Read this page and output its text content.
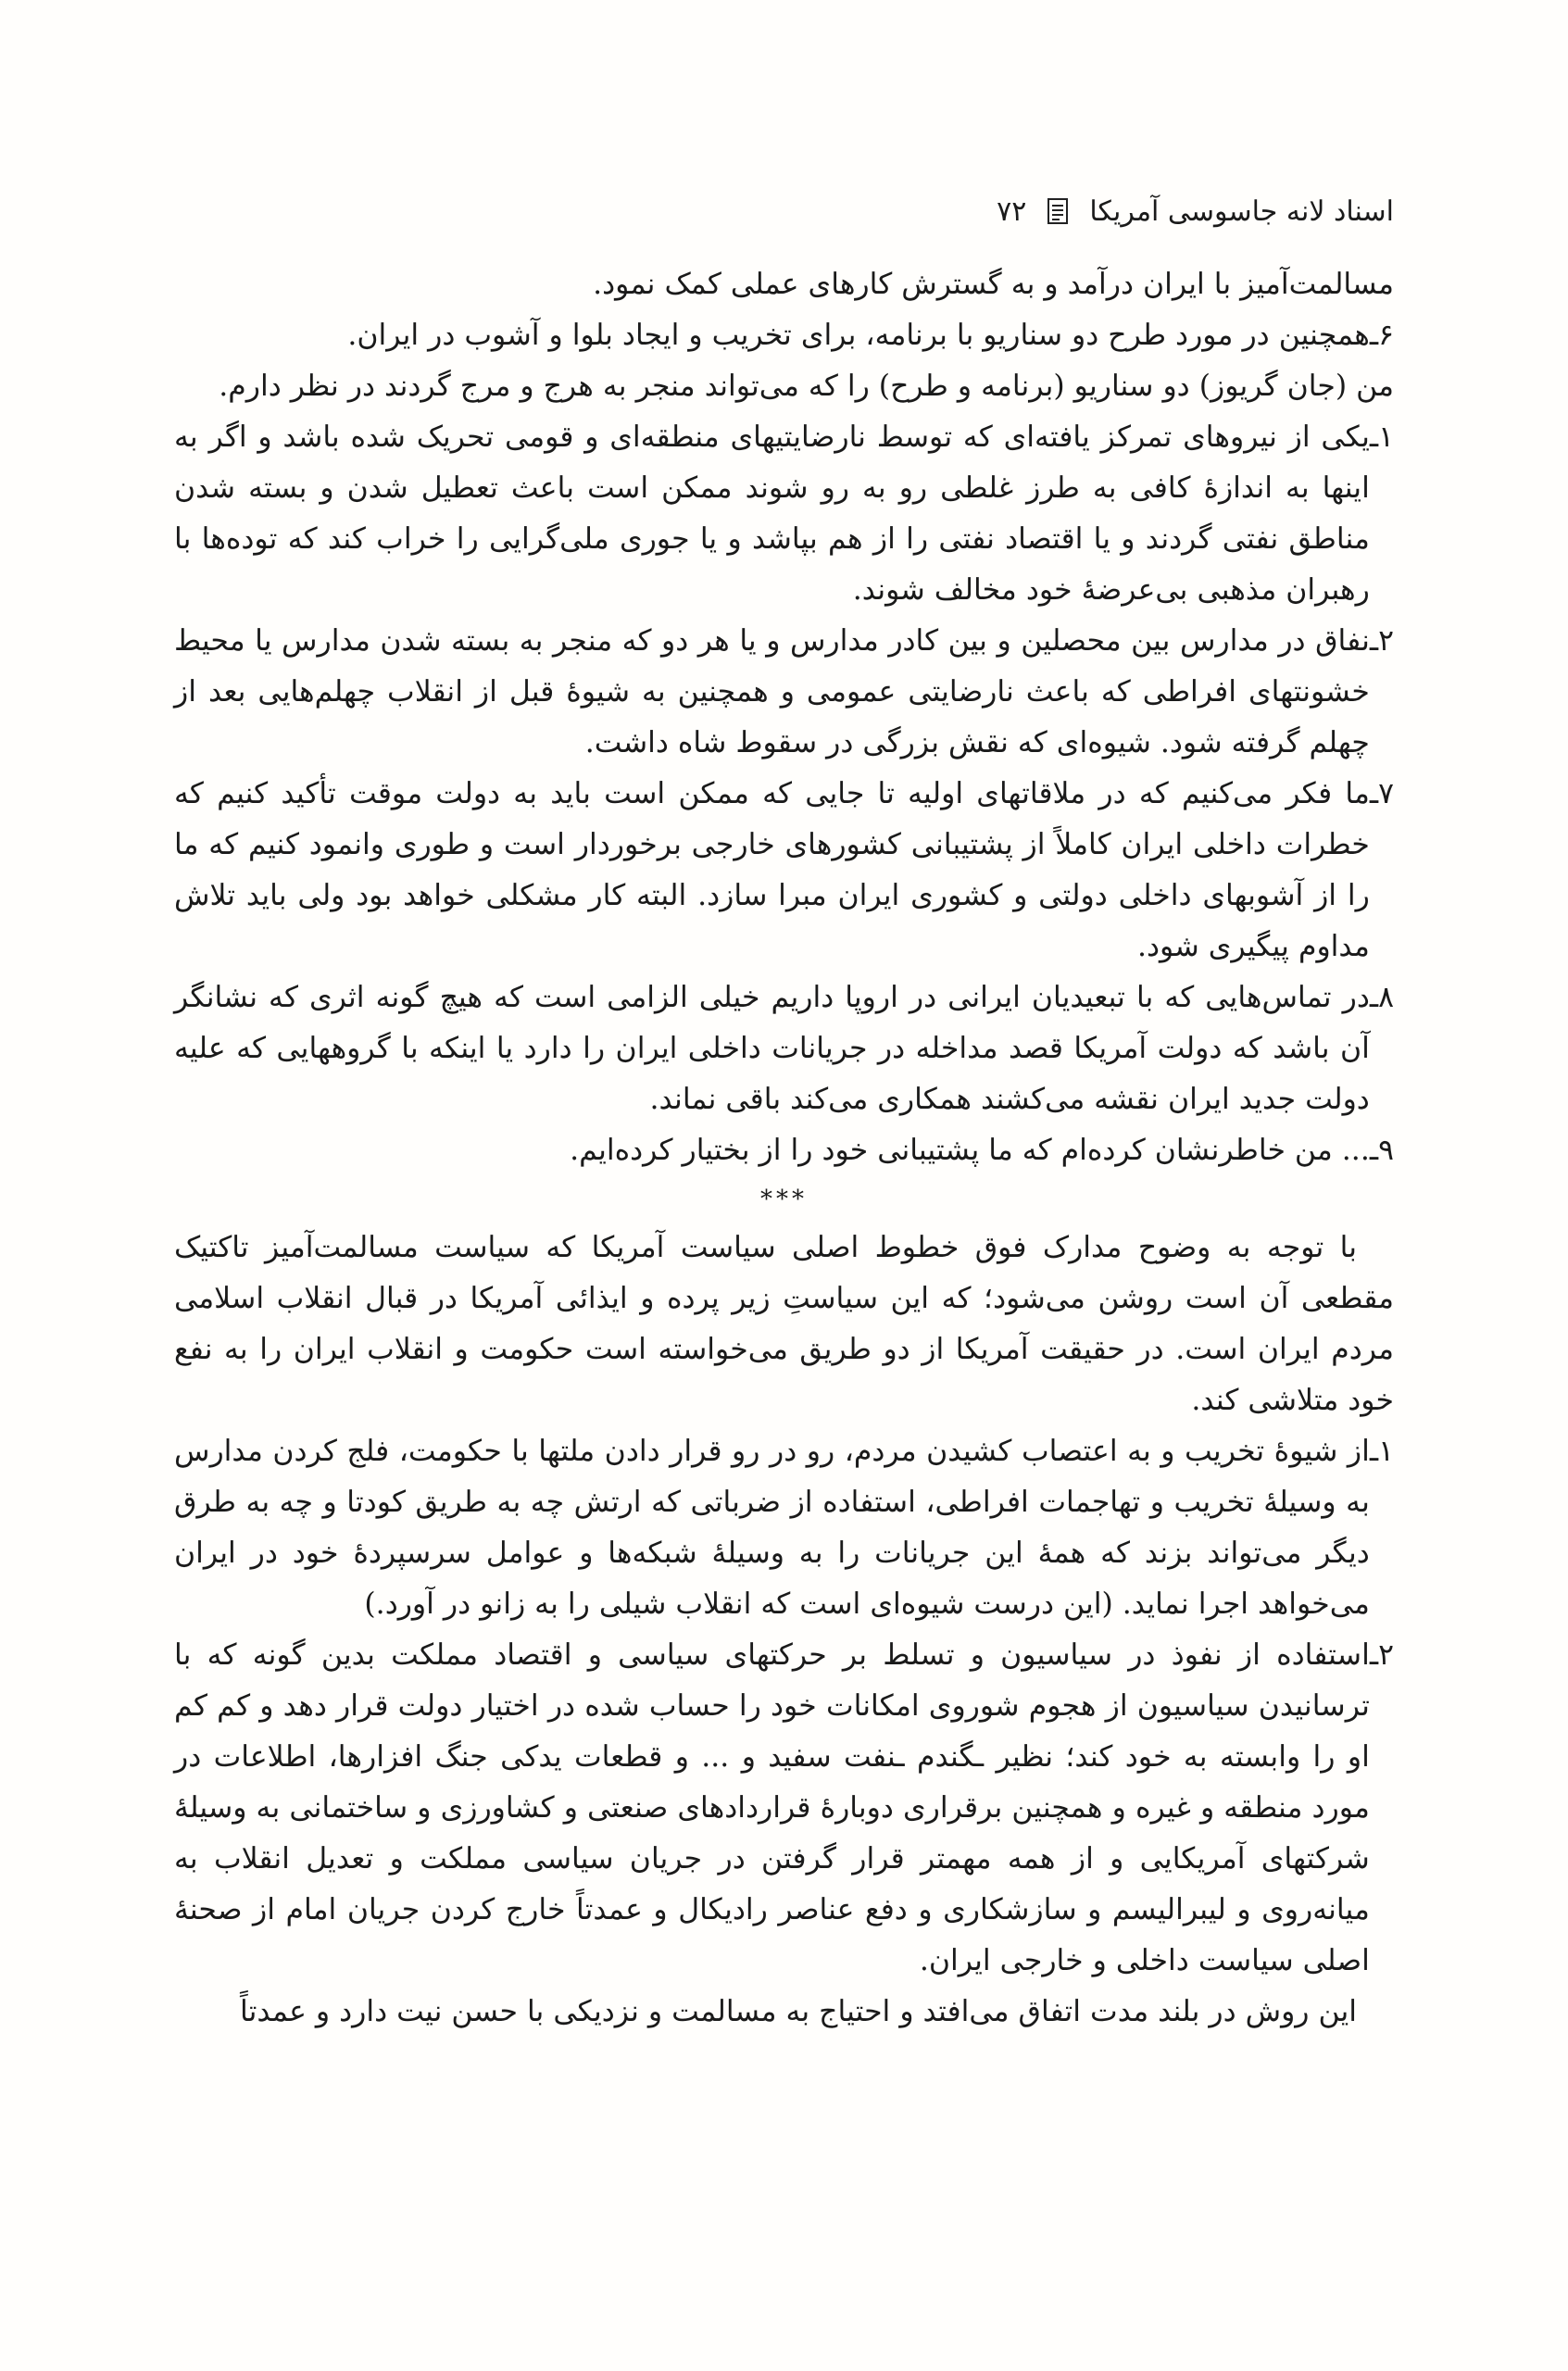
اسناد لانه جاسوسی آمریکا
۷۲

مسالمت‌آمیز با ایران درآمد و به گسترش کارهای عملی کمک نمود.

۶ـ
همچنین در مورد طرح دو سناریو با برنامه، برای تخریب و ایجاد بلوا و آشوب در ایران.

من (جان گریوز) دو سناریو (برنامه و طرح) را که می‌تواند منجر به هرج و مرج گردند در نظر دارم.

۱ـ
یکی از نیروهای تمرکز یافته‌ای که توسط نارضایتیهای منطقه‌ای و قومی تحریک شده باشد و اگر به اینها به اندازهٔ کافی به طرز غلطی رو به رو شوند ممکن است باعث تعطیل شدن و بسته شدن مناطق نفتی گردند و یا اقتصاد نفتی را از هم بپاشد و یا جوری ملی‌گرایی را خراب کند که توده‌ها با رهبران مذهبی بی‌عرضهٔ خود مخالف شوند.
۲ـ
نفاق در مدارس بین محصلین و بین کادر مدارس و یا هر دو که منجر به بسته شدن مدارس یا محیط خشونتهای افراطی که باعث نارضایتی عمومی و همچنین به شیوهٔ قبل از انقلاب چهلم‌هایی بعد از چهلم گرفته شود. شیوه‌ای که نقش بزرگی در سقوط شاه داشت.
۷ـ
ما فکر می‌کنیم که در ملاقاتهای اولیه تا جایی که ممکن است باید به دولت موقت تأکید کنیم که خطرات داخلی ایران کاملاً از پشتیبانی کشورهای خارجی برخوردار است و طوری وانمود کنیم که ما را از آشوبهای داخلی دولتی و کشوری ایران مبرا سازد. البته کار مشکلی خواهد بود ولی باید تلاش مداوم پیگیری شود.
۸ـ
در تماس‌هایی که با تبعیدیان ایرانی در اروپا داریم خیلی الزامی است که هیچ گونه اثری که نشانگر آن باشد که دولت آمریکا قصد مداخله در جریانات داخلی ایران را دارد یا اینکه با گروههایی که علیه دولت جدید ایران نقشه می‌کشند همکاری می‌کند باقی نماند.
۹ـ
... من خاطرنشان کرده‌ام که ما پشتیبانی خود را از بختیار کرده‌ایم.

***

با توجه به وضوح مدارک فوق خطوط اصلی سیاست آمریکا که سیاست مسالمت‌آمیز تاکتیک مقطعی آن است روشن می‌شود؛ که این سیاستِ زیر پرده و ایذائی آمریکا در قبال انقلاب اسلامی مردم ایران است. در حقیقت آمریکا از دو طریق می‌خواسته است حکومت و انقلاب ایران را به نفع خود متلاشی کند.

۱ـ
از شیوهٔ تخریب و به اعتصاب کشیدن مردم، رو در رو قرار دادن ملتها با حکومت، فلج کردن مدارس به وسیلهٔ تخریب و تهاجمات افراطی، استفاده از ضرباتی که ارتش چه به طریق کودتا و چه به طرق دیگر می‌تواند بزند که همهٔ این جریانات را به وسیلهٔ شبکه‌ها و عوامل سرسپردهٔ خود در ایران می‌خواهد اجرا نماید. (این درست شیوه‌ای است که انقلاب شیلی را به زانو در آورد.)
۲ـ
استفاده از نفوذ در سیاسیون و تسلط بر حرکتهای سیاسی و اقتصاد مملکت بدین گونه که با ترسانیدن سیاسیون از هجوم شوروی امکانات خود را حساب شده در اختیار دولت قرار دهد و کم کم او را وابسته به خود کند؛ نظیر ـگندم ـنفت سفید و ... و قطعات یدکی جنگ افزارها، اطلاعات در مورد منطقه و غیره و همچنین برقراری دوبارهٔ قراردادهای صنعتی و کشاورزی و ساختمانی به وسیلهٔ شرکتهای آمریکایی و از همه مهمتر قرار گرفتن در جریان سیاسی مملکت و تعدیل انقلاب به میانه‌روی و لیبرالیسم و سازشکاری و دفع عناصر رادیکال و عمدتاً خارج کردن جریان امام از صحنهٔ اصلی سیاست داخلی و خارجی ایران.

این روش در بلند مدت اتفاق می‌افتد و احتیاج به مسالمت و نزدیکی با حسن نیت دارد و عمدتاً
